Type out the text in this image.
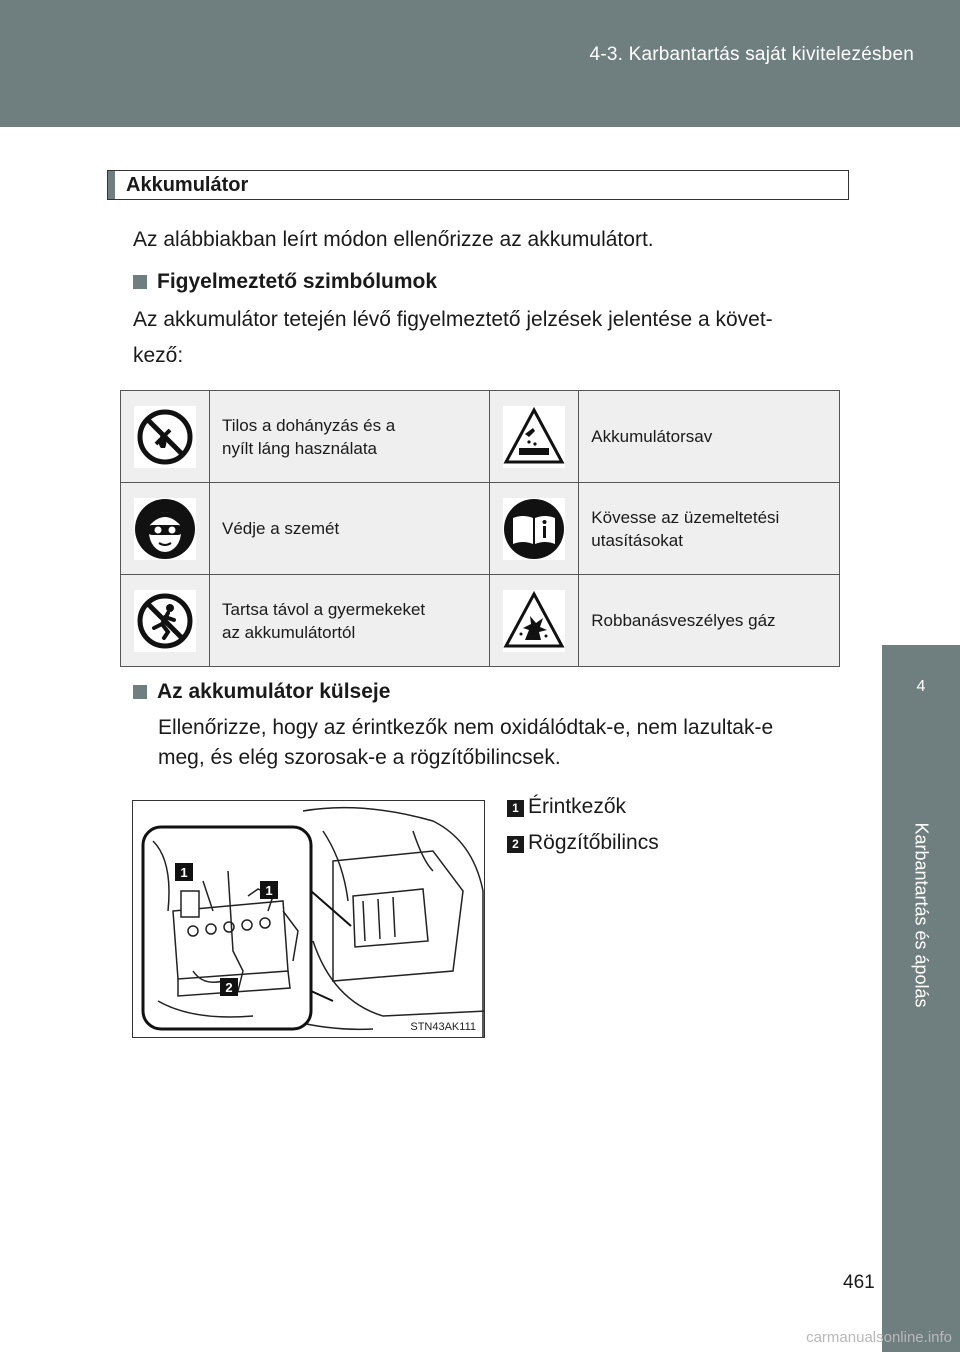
4-3. Karbantartás saját kivitelezésben
4
Karbantartás és ápolás
Akkumulátor
Az alábbiakban leírt módon ellenőrizze az akkumulátort.
Figyelmeztető szimbólumok
Az akkumulátor tetején lévő figyelmeztető jelzések jelentése a követ-
kező:

Tilos a dohányzás és a
nyílt láng használata		Akkumulátorsav

Védje a szemét		Kövesse az üzemeltetési
utasításokat

Tartsa távol a gyermekeket
az akkumulátortól		Robbanásveszélyes gáz
Az akkumulátor külseje
Ellenőrizze, hogy az érintkezők nem oxidálódtak-e, nem lazultak-e
meg, és elég szorosak-e a rögzítőbilincsek.
1
1
2
STN43AK111
1 Érintkezők
2 Rögzítőbilincs
461
carmanualsonline.info
